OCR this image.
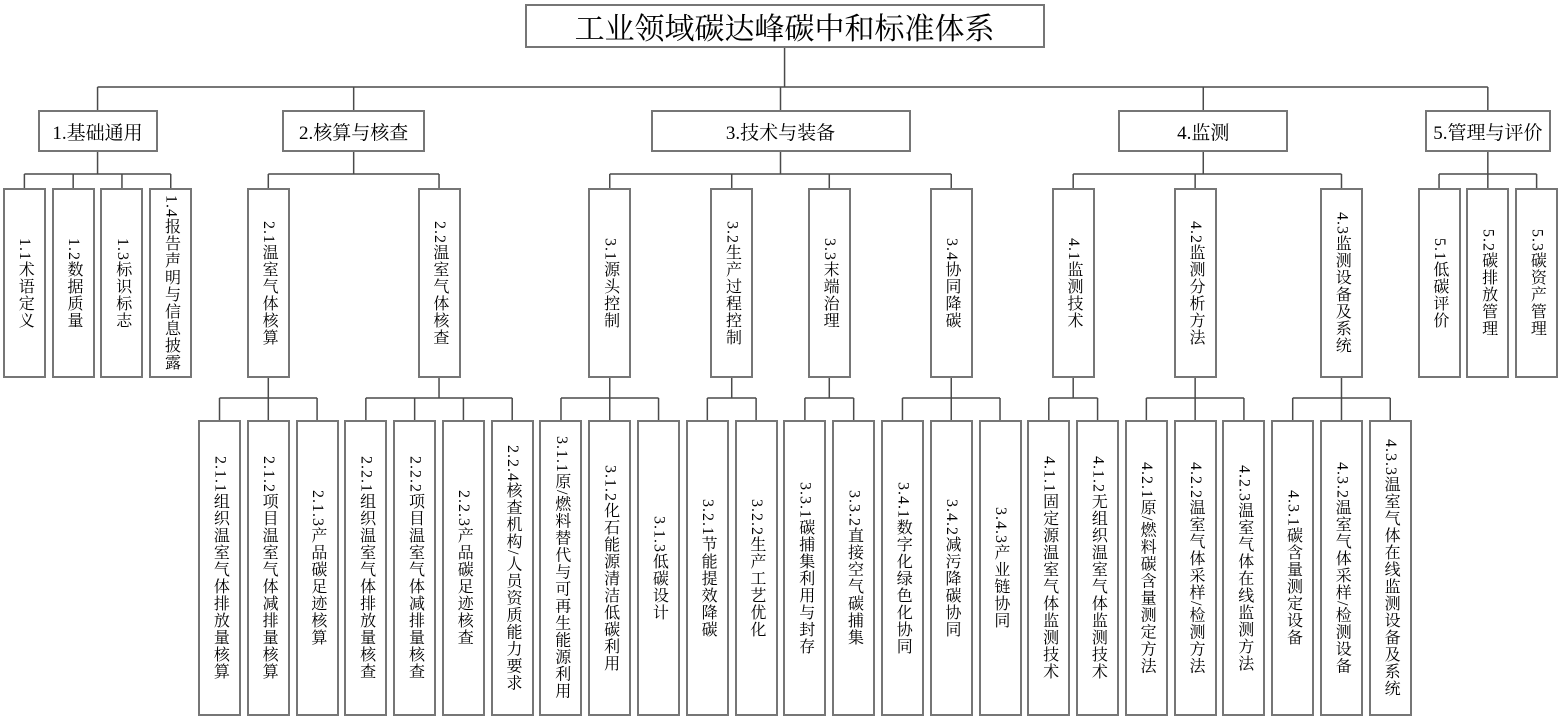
工业领域碳达峰碳中和标准体系
1.基础通用
1.1术语定义 1.2数据质量 1.3标识标志 1.4报告声明与信息披露
2.核算与核查
2.1温室气体核算
2.1.1组织温室气体排放量核算 2.1.2项目温室气体减排量核算 2.1.3产品碳足迹核算
2.2温室气体核查
2.2.1组织温室气体排放量核查 2.2.2项目温室气体减排量核查 2.2.3产品碳足迹核查 2.2.4核查机构/人员资质能力要求
3.技术与装备
3.1源头控制
3.1.1原/燃料替代与可再生能源利用 3.1.2化石能源清洁低碳利用 3.1.3低碳设计
3.2生产过程控制
3.2.1节能提效降碳 3.2.2生产工艺优化
3.3末端治理
3.3.1碳捕集利用与封存 3.3.2直接空气碳捕集
3.4协同降碳
3.4.1数字化绿色化协同 3.4.2减污降碳协同 3.4.3产业链协同
4.监测
4.1监测技术
4.1.1固定源温室气体监测技术 4.1.2无组织温室气体监测技术
4.2监测分析方法
4.2.1原/燃料碳含量测定方法 4.2.2温室气体采样/检测方法 4.2.3温室气体在线监测方法
4.3监测设备及系统
4.3.1碳含量测定设备 4.3.2温室气体采样/检测设备 4.3.3温室气体在线监测设备及系统
5.管理与评价
5.1低碳评价 5.2碳排放管理 5.3碳资产管理
